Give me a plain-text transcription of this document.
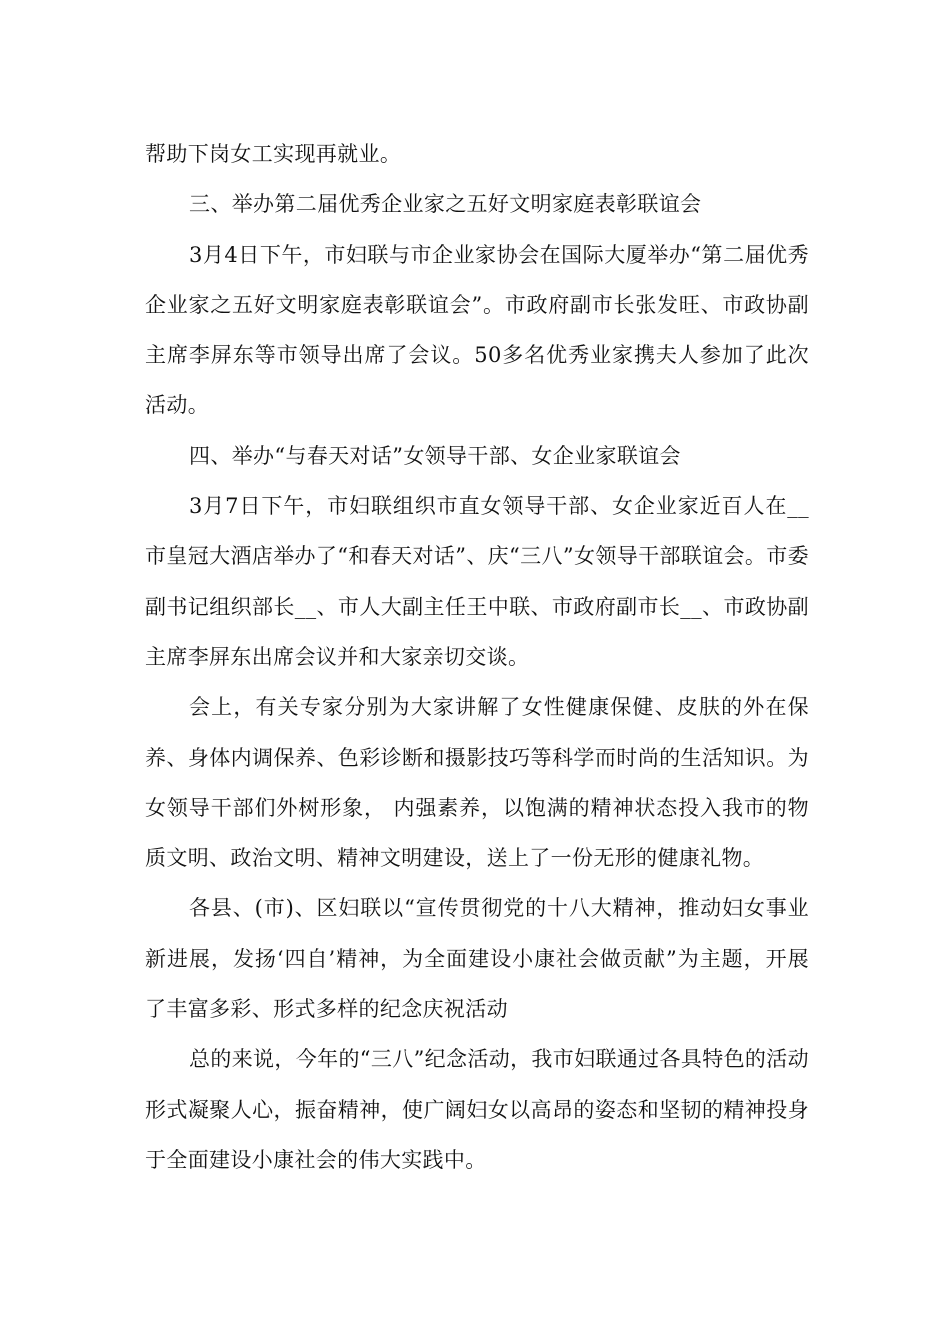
帮助下岗女工实现再就业。

三、举办第二届优秀企业家之五好文明家庭表彰联谊会

3月4日下午，市妇联与市企业家协会在国际大厦举办“第二届优秀企业家之五好文明家庭表彰联谊会”。市政府副市长张发旺、市政协副主席李屏东等市领导出席了会议。50多名优秀业家携夫人参加了此次活动。

四、举办“与春天对话”女领导干部、女企业家联谊会

3月7日下午，市妇联组织市直女领导干部、女企业家近百人在__市皇冠大酒店举办了“和春天对话”、庆“三八”女领导干部联谊会。市委副书记组织部长__、市人大副主任王中联、市政府副市长__、市政协副主席李屏东出席会议并和大家亲切交谈。

会上，有关专家分别为大家讲解了女性健康保健、皮肤的外在保养、身体内调保养、色彩诊断和摄影技巧等科学而时尚的生活知识。为女领导干部们外树形象， 内强素养，以饱满的精神状态投入我市的物质文明、政治文明、精神文明建设，送上了一份无形的健康礼物。

各县、(市)、区妇联以“宣传贯彻党的十八大精神，推动妇女事业新进展，发扬‘四自’精神，为全面建设小康社会做贡献”为主题，开展了丰富多彩、形式多样的纪念庆祝活动

总的来说，今年的“三八”纪念活动，我市妇联通过各具特色的活动形式凝聚人心，振奋精神，使广阔妇女以高昂的姿态和坚韧的精神投身于全面建设小康社会的伟大实践中。
